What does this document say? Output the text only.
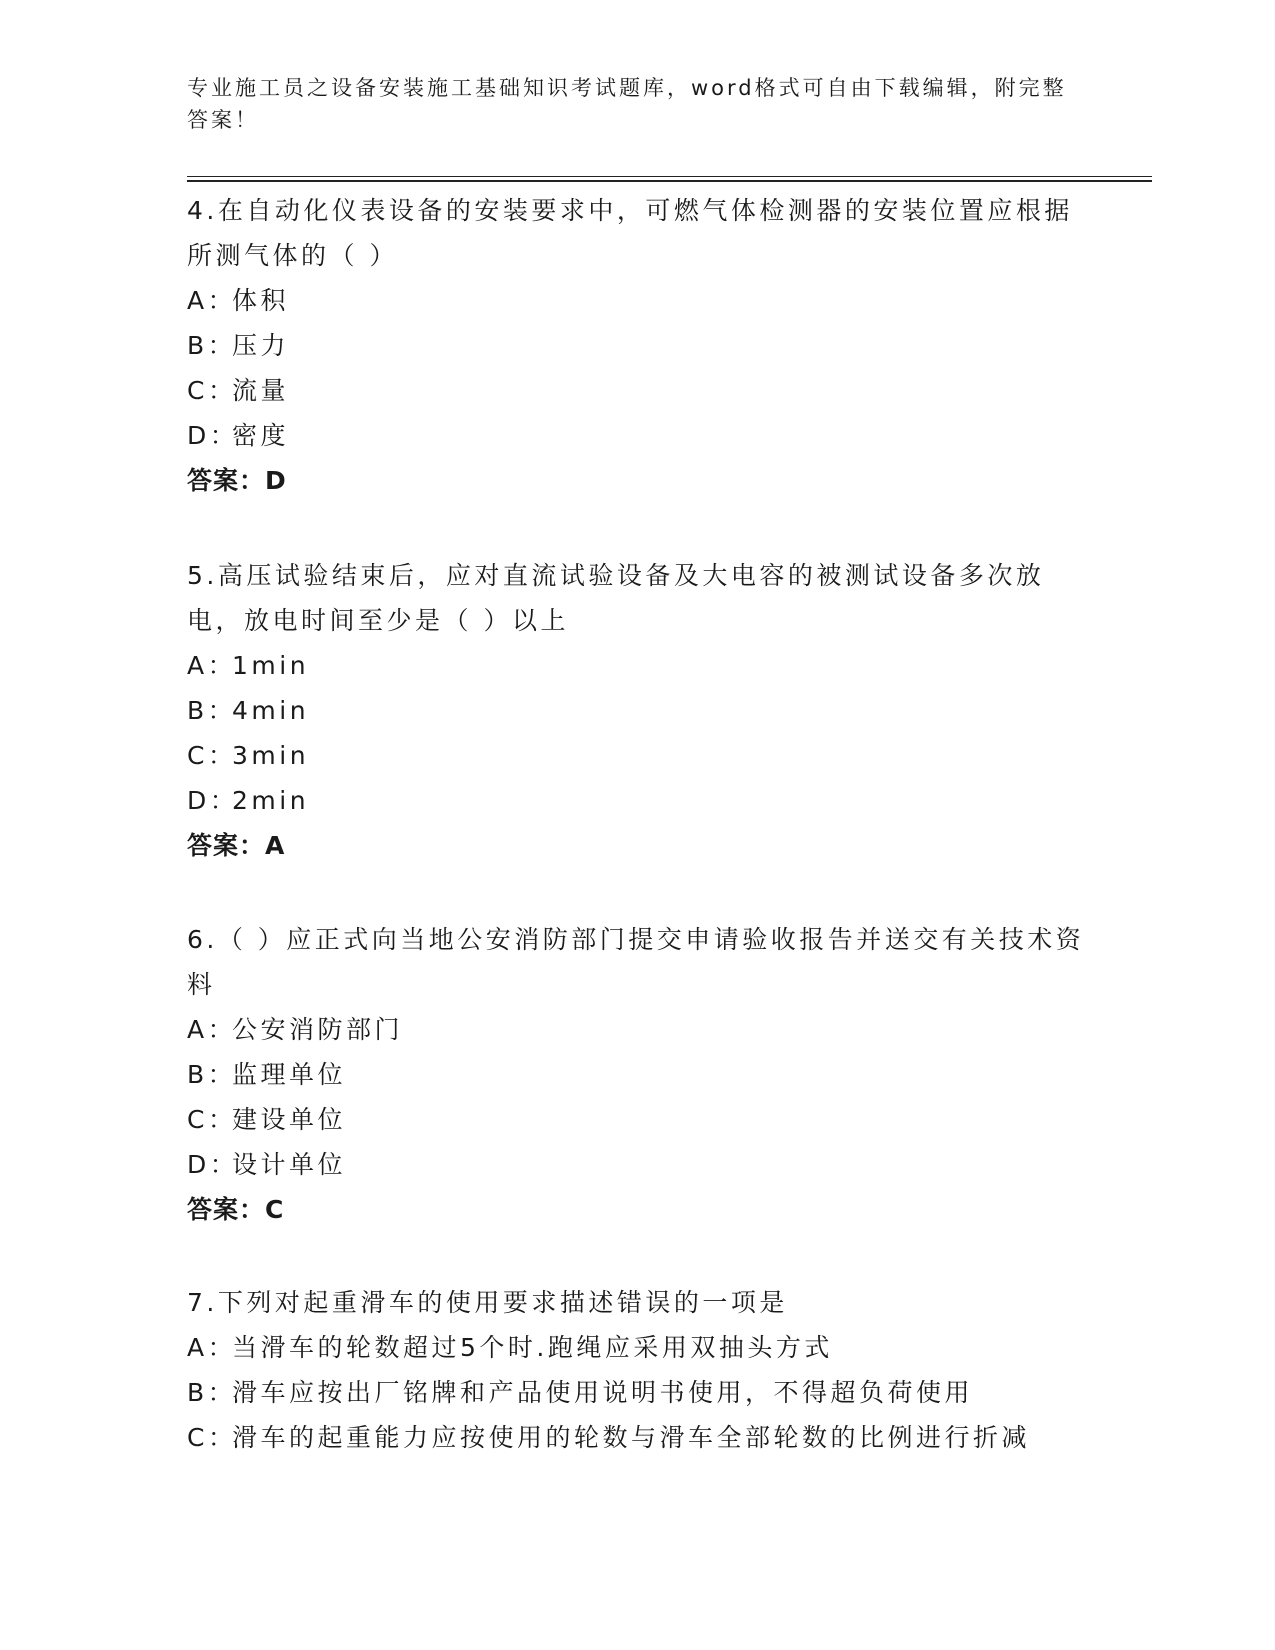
专业施工员之设备安装施工基础知识考试题库，word格式可自由下载编辑，附完整答案！
4.在自动化仪表设备的安装要求中，可燃气体检测器的安装位置应根据所测气体的（ ）
A：体积
B：压力
C：流量
D：密度
答案：D
5.高压试验结束后，应对直流试验设备及大电容的被测试设备多次放电，放电时间至少是（ ）以上
A：1min
B：4min
C：3min
D：2min
答案：A
6.（ ）应正式向当地公安消防部门提交申请验收报告并送交有关技术资料
A：公安消防部门
B：监理单位
C：建设单位
D：设计单位
答案：C
7.下列对起重滑车的使用要求描述错误的一项是
A：当滑车的轮数超过5个时.跑绳应采用双抽头方式
B：滑车应按出厂铭牌和产品使用说明书使用，不得超负荷使用
C：滑车的起重能力应按使用的轮数与滑车全部轮数的比例进行折减
